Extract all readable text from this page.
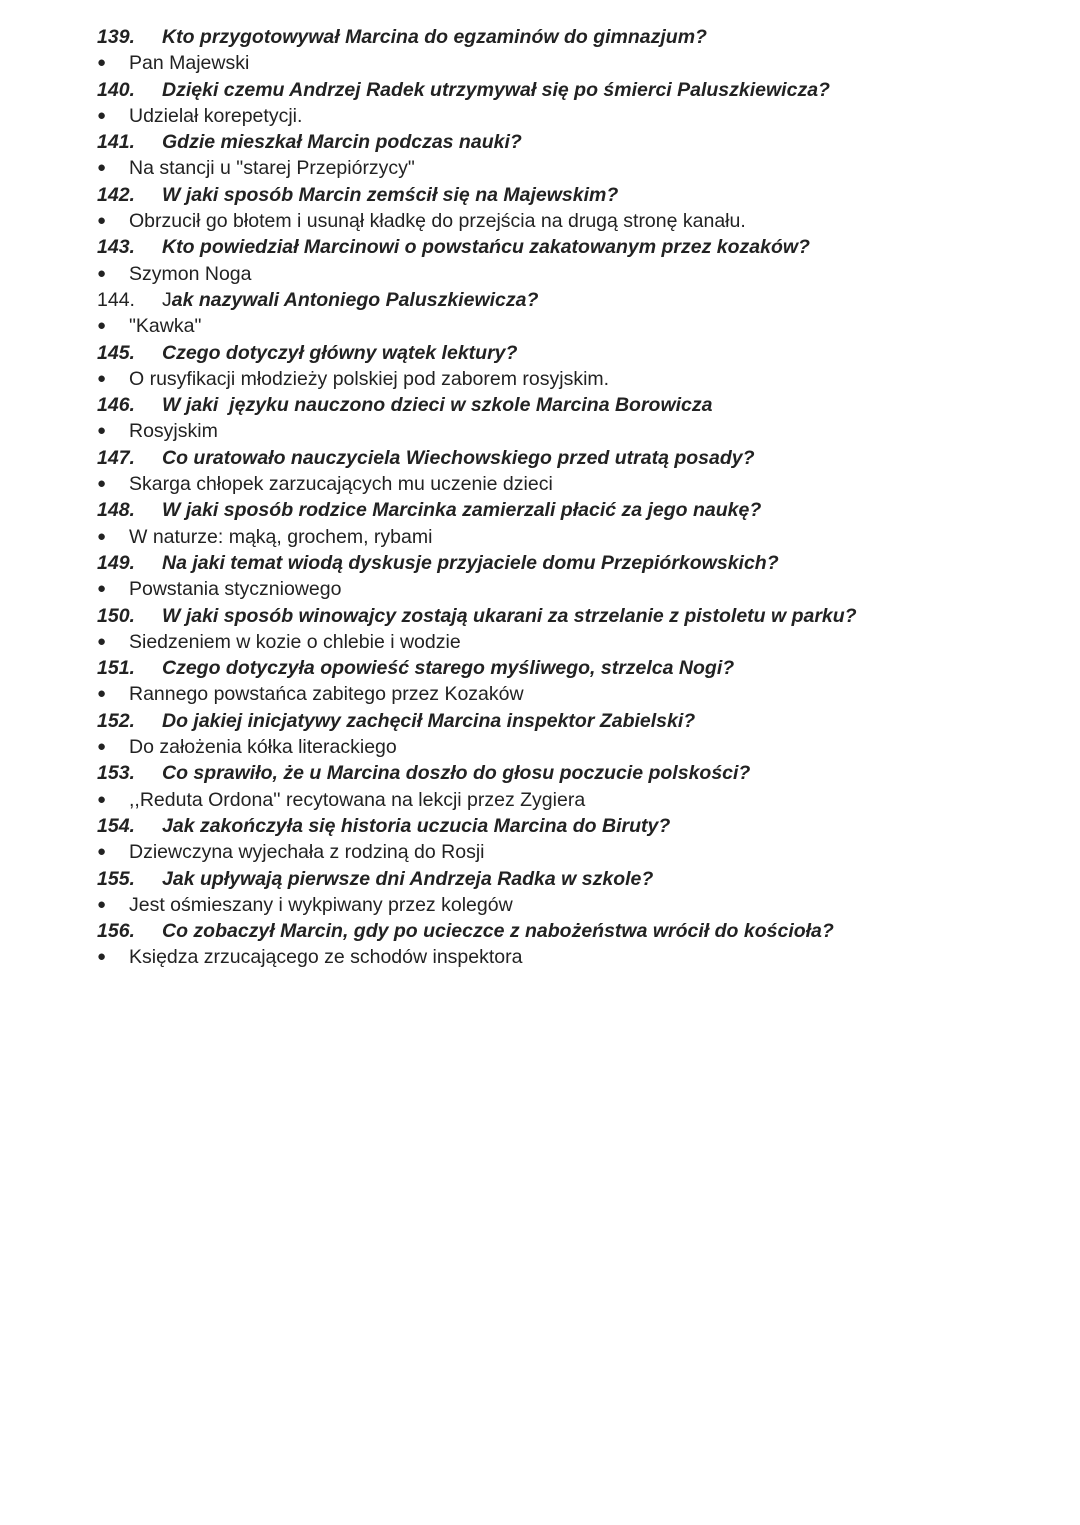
139. Kto przygotowywał Marcina do egzaminów do gimnazjum?
● Pan Majewski
140. Dzięki czemu Andrzej Radek utrzymywał się po śmierci Paluszkiewicza?
● Udzielał korepetycji.
141. Gdzie mieszkał Marcin podczas nauki?
● Na stancji u "starej Przepiórzycy"
142. W jaki sposób Marcin zemścił się na Majewskim?
● Obrzucił go błotem i usunął kładkę do przejścia na drugą stronę kanału.
143. Kto powiedział Marcinowi o powstańcu zakatowanym przez kozaków?
● Szymon Noga
144. Jak nazywali Antoniego Paluszkiewicza?
● "Kawka"
145. Czego dotyczył główny wątek lektury?
● O rusyfikacji młodzieży polskiej pod zaborem rosyjskim.
146. W jaki  języku nauczono dzieci w szkole Marcina Borowicza
● Rosyjskim
147. Co uratowało nauczyciela Wiechowskiego przed utratą posady?
● Skarga chłopek zarzucających mu uczenie dzieci
148. W jaki sposób rodzice Marcinka zamierzali płacić za jego naukę?
● W naturze: mąką, grochem, rybami
149. Na jaki temat wiodą dyskusje przyjaciele domu Przepiórkowskich?
● Powstania styczniowego
150. W jaki sposób winowajcy zostają ukarani za strzelanie z pistoletu w parku?
● Siedzeniem w kozie o chlebie i wodzie
151. Czego dotyczyła opowieść starego myśliwego, strzelca Nogi?
● Rannego powstańca zabitego przez Kozaków
152. Do jakiej inicjatywy zachęcił Marcina inspektor Zabielski?
● Do założenia kółka literackiego
153. Co sprawiło, że u Marcina doszło do głosu poczucie polskości?
● ,,Reduta Ordona'' recytowana na lekcji przez Zygiera
154. Jak zakończyła się historia uczucia Marcina do Biruty?
● Dziewczyna wyjechała z rodziną do Rosji
155. Jak upływają pierwsze dni Andrzeja Radka w szkole?
● Jest ośmieszany i wykpiwany przez kolegów
156. Co zobaczył Marcin, gdy po ucieczce z nabożeństwa wrócił do kościoła?
● Księdza zrzucającego ze schodów inspektora
